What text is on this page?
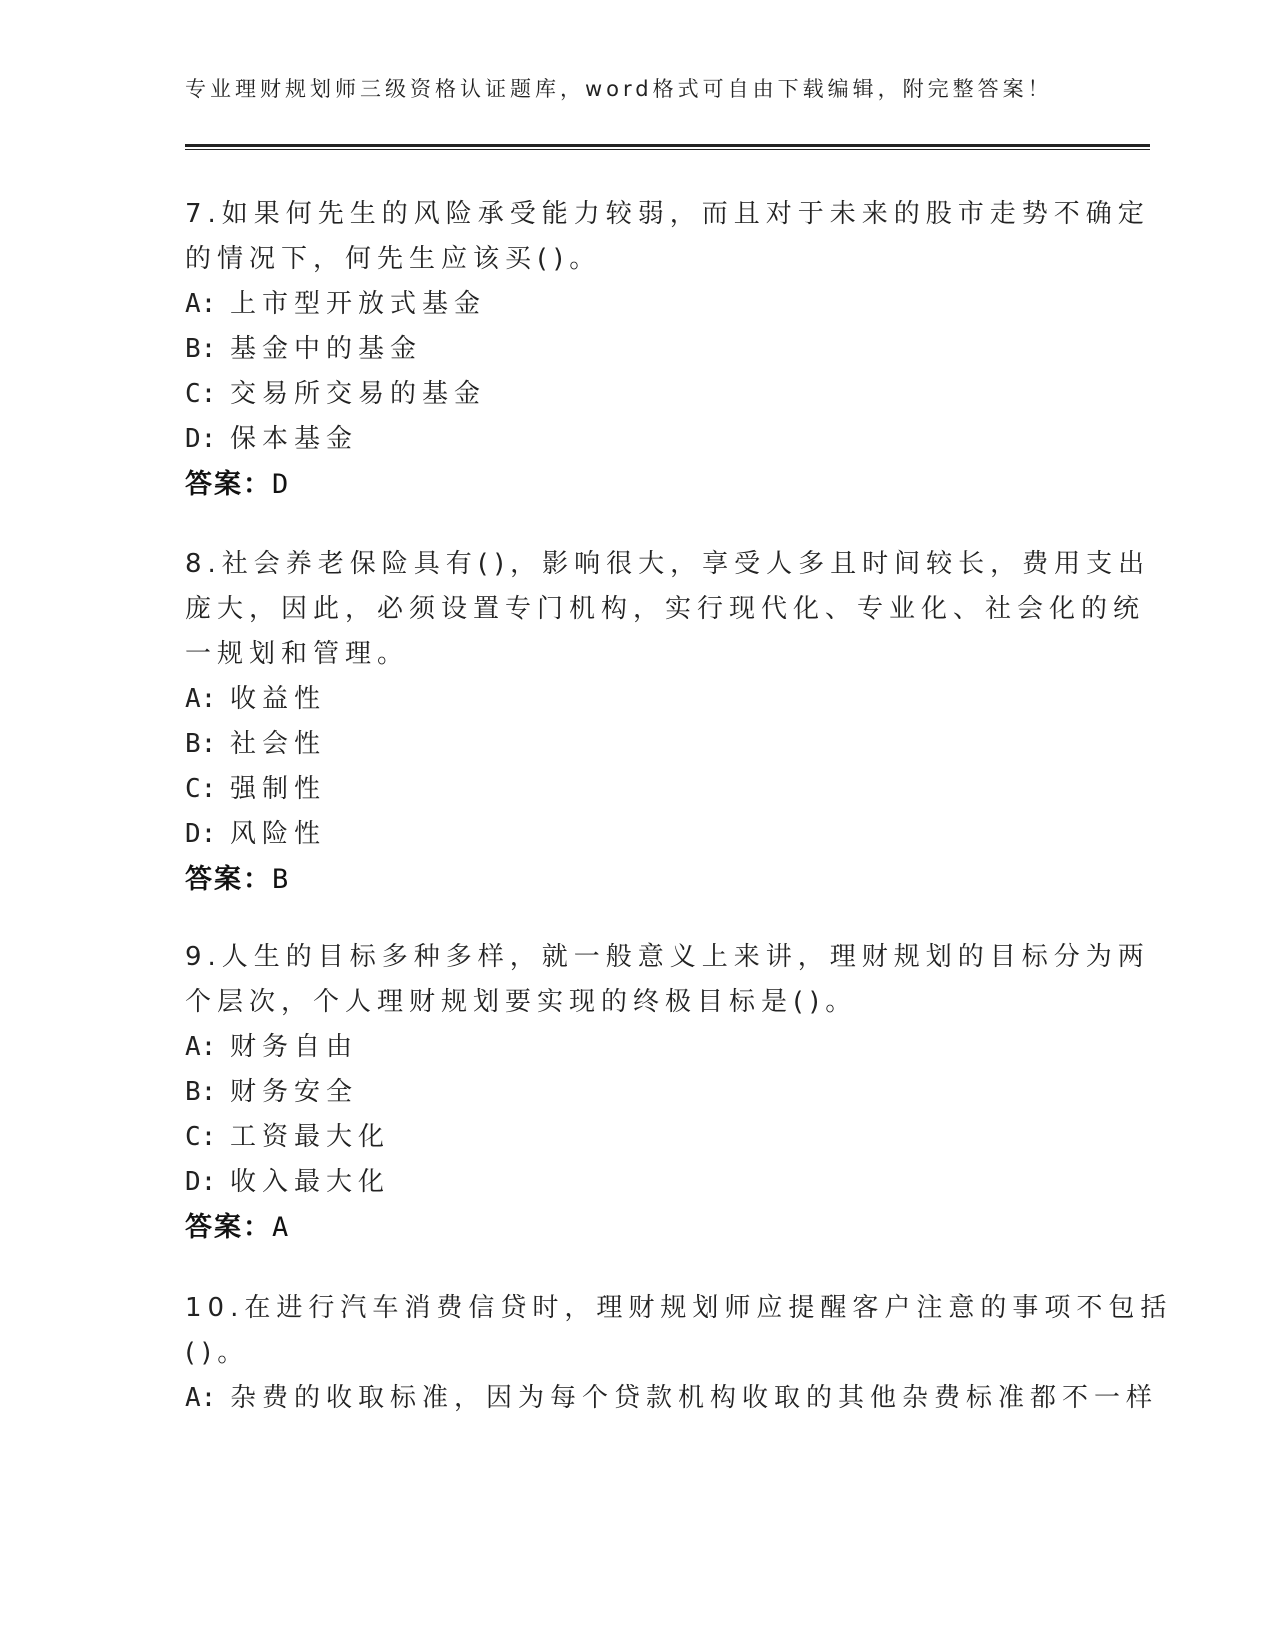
专业理财规划师三级资格认证题库，word格式可自由下载编辑，附完整答案！
7.如果何先生的风险承受能力较弱，而且对于未来的股市走势不确定
的情况下，何先生应该买()。
A: 上市型开放式基金
B: 基金中的基金
C: 交易所交易的基金
D: 保本基金
答案：D
8.社会养老保险具有()，影响很大，享受人多且时间较长，费用支出
庞大，因此，必须设置专门机构，实行现代化、专业化、社会化的统
一规划和管理。
A: 收益性
B: 社会性
C: 强制性
D: 风险性
答案：B
9.人生的目标多种多样，就一般意义上来讲，理财规划的目标分为两
个层次，个人理财规划要实现的终极目标是()。
A: 财务自由
B: 财务安全
C: 工资最大化
D: 收入最大化
答案：A
10.在进行汽车消费信贷时，理财规划师应提醒客户注意的事项不包括
()。
A: 杂费的收取标准，因为每个贷款机构收取的其他杂费标准都不一样
